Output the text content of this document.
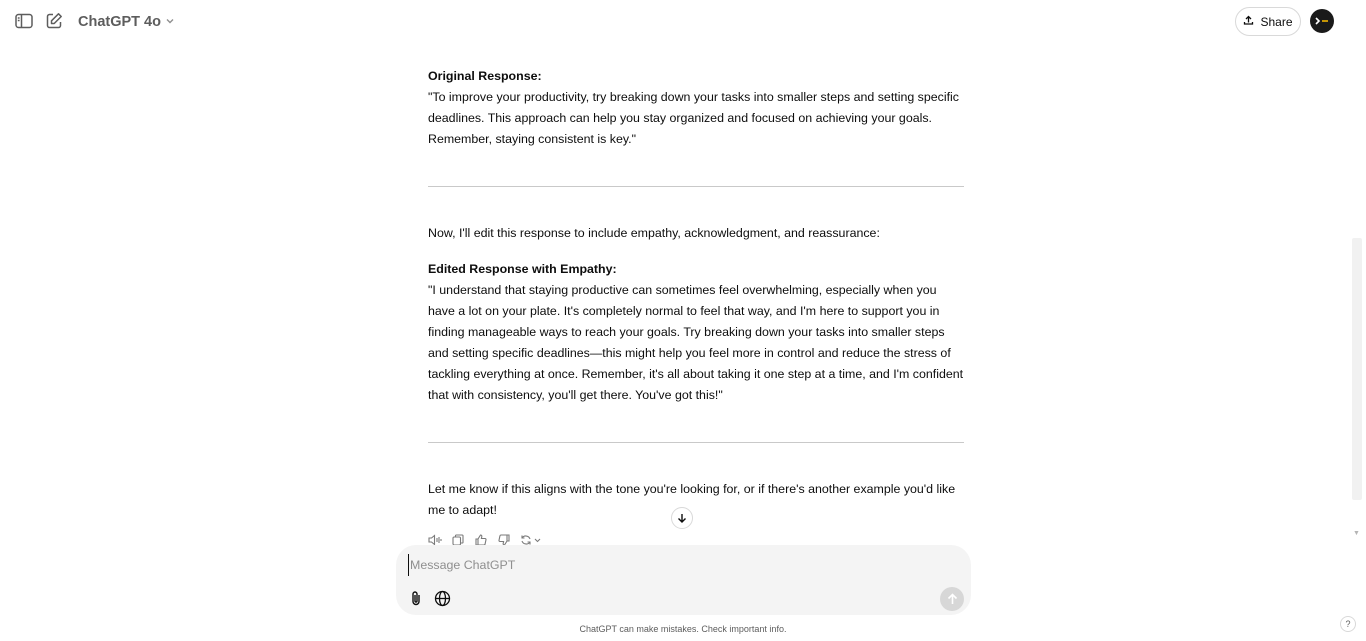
ChatGPT 4o	Share
▼

Original Response:

"To improve your productivity, try breaking down your tasks into smaller steps and setting specific deadlines. This approach can help you stay organized and focused on achieving your goals. Remember, staying consistent is key."

Now, I'll edit this response to include empathy, acknowledgment, and reassurance:

Edited Response with Empathy:

"I understand that staying productive can sometimes feel overwhelming, especially when you have a lot on your plate. It's completely normal to feel that way, and I'm here to support you in finding manageable ways to reach your goals. Try breaking down your tasks into smaller steps and setting specific deadlines—this might help you feel more in control and reduce the stress of tackling everything at once. Remember, it's all about taking it one step at a time, and I'm confident that with consistency, you'll get there. You've got this!"

Let me know if this aligns with the tone you're looking for, or if there's another example you'd like me to adapt!

Message ChatGPT
ChatGPT can make mistakes. Check important info.	?
